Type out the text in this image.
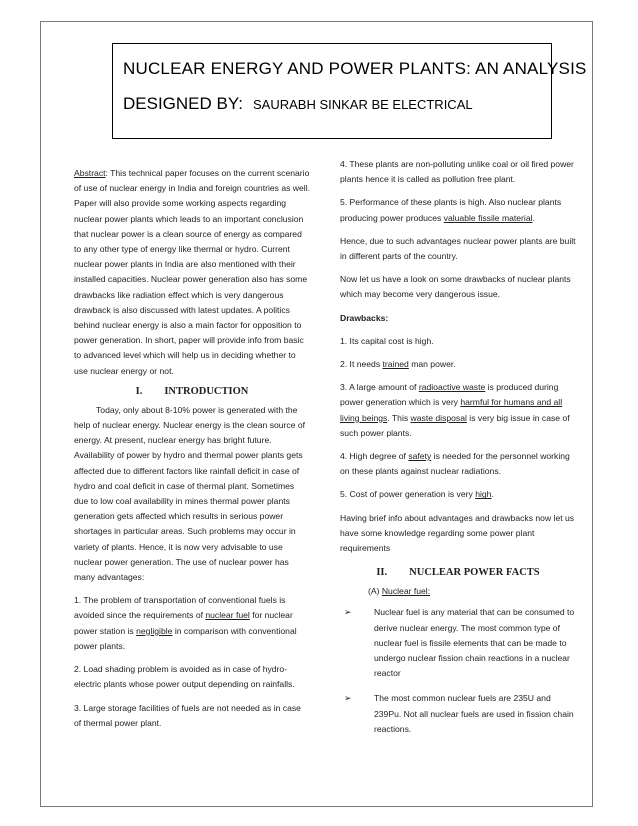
NUCLEAR ENERGY AND POWER PLANTS: AN ANALYSIS
DESIGNED BY: SAURABH SINKAR BE ELECTRICAL

Abstract: This technical paper focuses on the current scenario of use of nuclear energy in India and foreign countries as well. Paper will also provide some working aspects regarding nuclear power plants which leads to an important conclusion that nuclear power is a clean source of energy as compared to any other type of energy like thermal or hydro. Current nuclear power plants in India are also mentioned with their installed capacities. Nuclear power generation also has some drawbacks like radiation effect which is very dangerous drawback is also discussed with latest updates. A politics behind nuclear energy is also a main factor for opposition to power generation. In short, paper will provide info from basic to advanced level which will help us in deciding whether to use nuclear energy or not.

I. INTRODUCTION

Today, only about 8-10% power is generated with the help of nuclear energy. Nuclear energy is the clean source of energy. At present, nuclear energy has bright future. Availability of power by hydro and thermal power plants gets affected due to different factors like rainfall deficit in case of hydro and coal deficit in case of thermal plant. Sometimes due to low coal availability in mines thermal power plants generation gets affected which results in serious power shortages in particular areas. Such problems may occur in variety of plants. Hence, it is now very advisable to use nuclear power generation. The use of nuclear power has many advantages:

1. The problem of transportation of conventional fuels is avoided since the requirements of nuclear fuel for nuclear power station is negligible in comparison with conventional power plants.

2. Load shading problem is avoided as in case of hydro-electric plants whose power output depending on rainfalls.

3. Large storage facilities of fuels are not needed as in case of thermal power plant.

4. These plants are non-polluting unlike coal or oil fired power plants hence it is called as pollution free plant.

5. Performance of these plants is high. Also nuclear plants producing power produces valuable fissile material.

Hence, due to such advantages nuclear power plants are built in different parts of the country.

Now let us have a look on some drawbacks of nuclear plants which may become very dangerous issue.

Drawbacks:

1. Its capital cost is high.

2. It needs trained man power.

3. A large amount of radioactive waste is produced during power generation which is very harmful for humans and all living beings. This waste disposal is very big issue in case of such power plants.

4. High degree of safety is needed for the personnel working on these plants against nuclear radiations.

5. Cost of power generation is very high.

Having brief info about advantages and drawbacks now let us have some knowledge regarding some power plant requirements

II. NUCLEAR POWER FACTS

(A) Nuclear fuel:

➢	Nuclear fuel is any material that can be consumed to derive nuclear energy. The most common type of nuclear fuel is fissile elements that can be made to undergo nuclear fission chain reactions in a nuclear reactor
➢	The most common nuclear fuels are 235U and 239Pu. Not all nuclear fuels are used in fission chain reactions.
